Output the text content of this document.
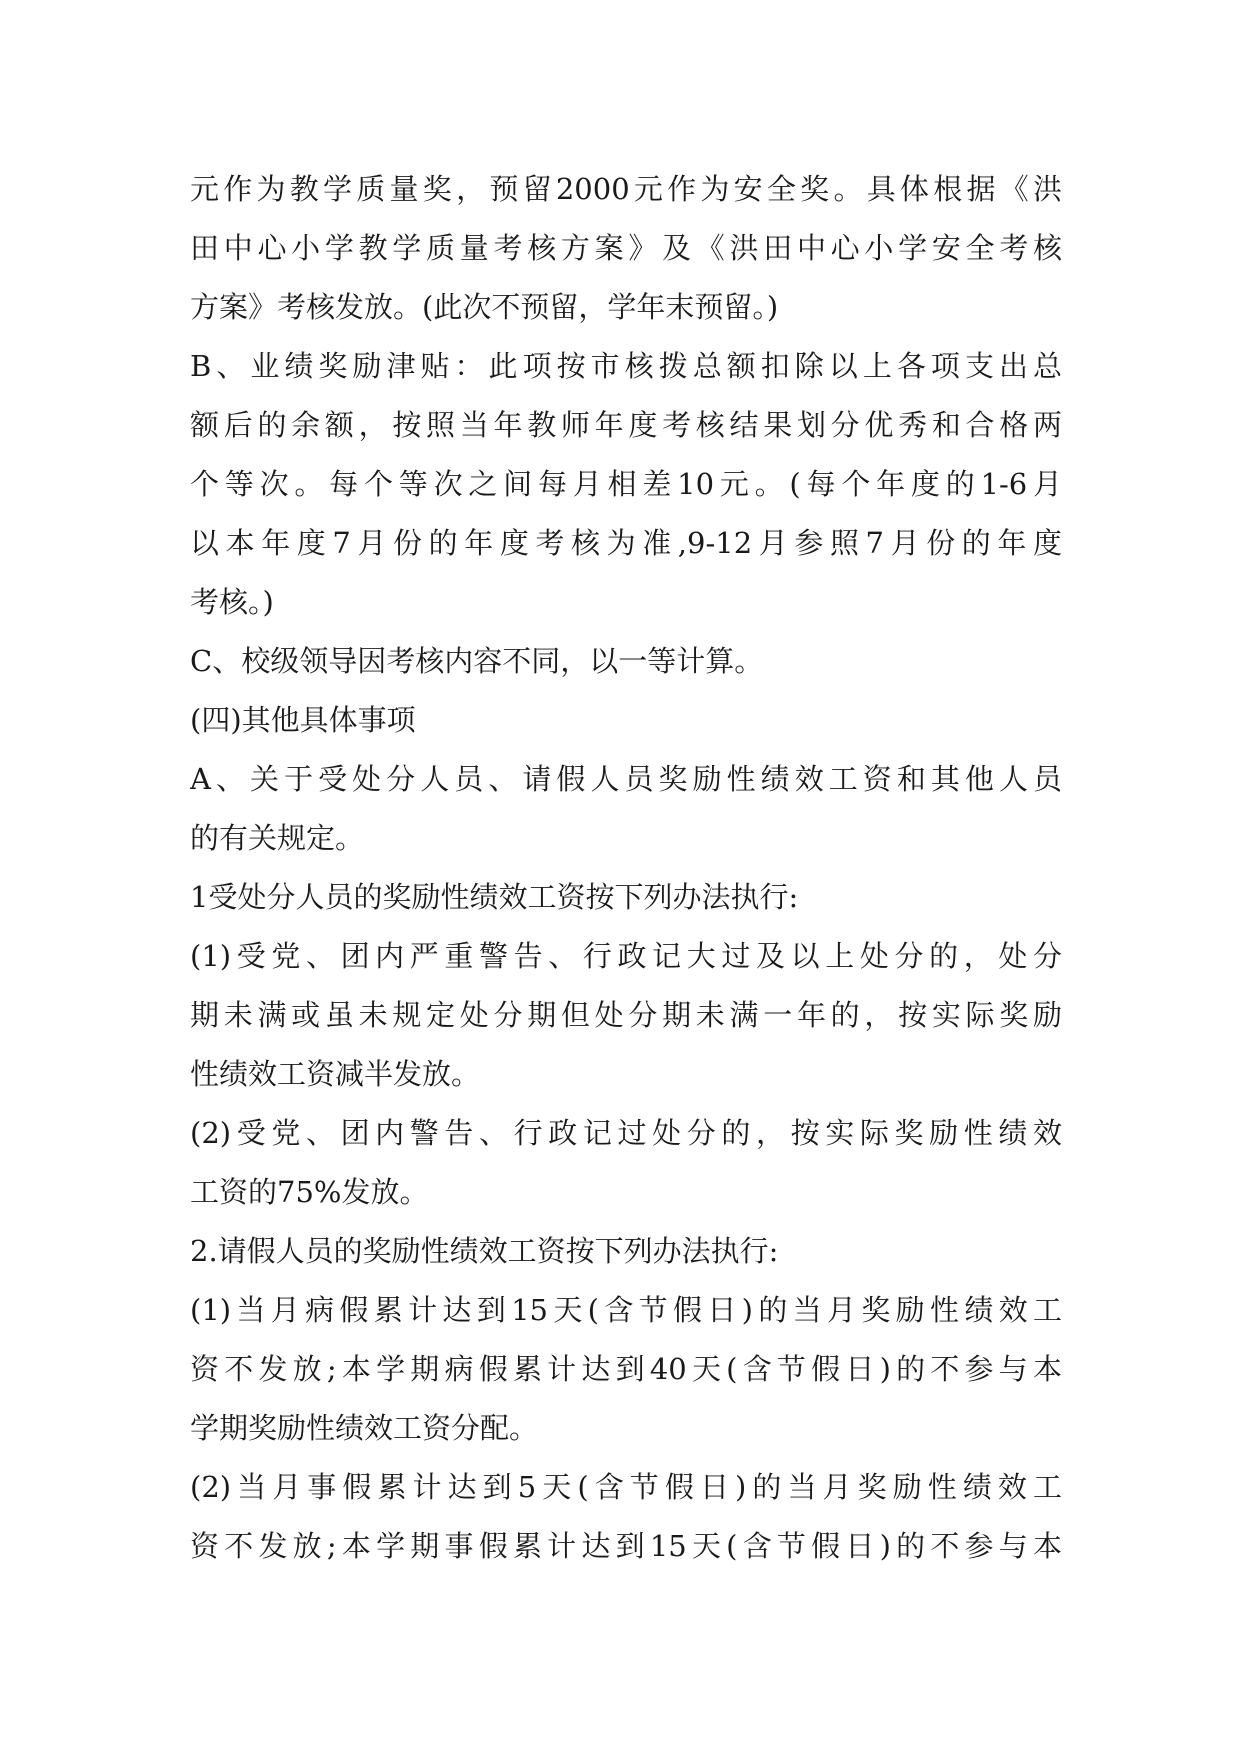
元作为教学质量奖，预留2000元作为安全奖。具体根据《洪
田中心小学教学质量考核方案》及《洪田中心小学安全考核
方案》考核发放。(此次不预留，学年末预留。)
B、业绩奖励津贴：此项按市核拨总额扣除以上各项支出总
额后的余额，按照当年教师年度考核结果划分优秀和合格两
个等次。每个等次之间每月相差10元。(每个年度的1-6月
以本年度7月份的年度考核为准,9-12月参照7月份的年度
考核。)
C、校级领导因考核内容不同，以一等计算。
(四)其他具体事项
A、关于受处分人员、请假人员奖励性绩效工资和其他人员
的有关规定。
1受处分人员的奖励性绩效工资按下列办法执行:
(1)受党、团内严重警告、行政记大过及以上处分的，处分
期未满或虽未规定处分期但处分期未满一年的，按实际奖励
性绩效工资减半发放。
(2)受党、团内警告、行政记过处分的，按实际奖励性绩效
工资的75%发放。
2.请假人员的奖励性绩效工资按下列办法执行:
(1)当月病假累计达到15天(含节假日)的当月奖励性绩效工
资不发放;本学期病假累计达到40天(含节假日)的不参与本
学期奖励性绩效工资分配。
(2)当月事假累计达到5天(含节假日)的当月奖励性绩效工
资不发放;本学期事假累计达到15天(含节假日)的不参与本
